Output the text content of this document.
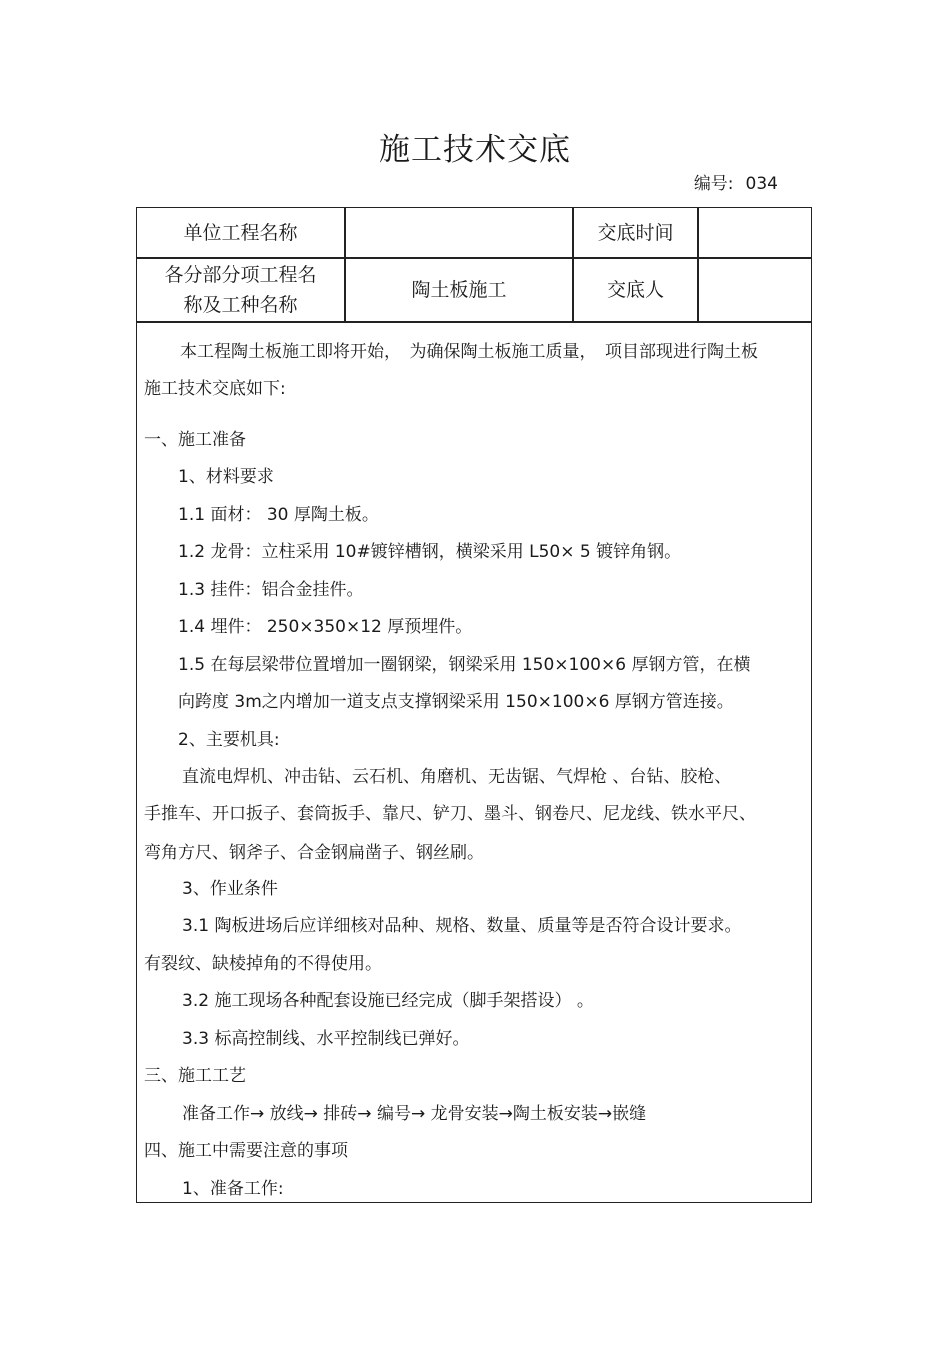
施工技术交底
编号: 034
单位工程名称	交底时间
各分部分项工程名
称及工种名称
陶土板施工	交底人
本工程陶土板施工即将开始，　为确保陶土板施工质量，　项目部现进行陶土板
施工技术交底如下:
一、施工准备
1、材料要求
1.1 面材： 30 厚陶土板。
1.2 龙骨：立柱采用 10#镀锌槽钢，横梁采用 L50× 5 镀锌角钢。
1.3 挂件：铝合金挂件。
1.4 埋件： 250×350×12 厚预埋件。
1.5 在每层梁带位置增加一圈钢梁，钢梁采用 150×100×6 厚钢方管，在横
向跨度 3m之内增加一道支点支撑钢梁采用 150×100×6 厚钢方管连接。
2、主要机具:
直流电焊机、冲击钻、云石机、角磨机、无齿锯、气焊枪 、台钻、胶枪、
手推车、开口扳子、套筒扳手、靠尺、铲刀、墨斗、钢卷尺、尼龙线、铁水平尺、
弯角方尺、钢斧子、合金钢扁凿子、钢丝刷。
3、作业条件
3.1 陶板进场后应详细核对品种、规格、数量、质量等是否符合设计要求。
有裂纹、缺棱掉角的不得使用。
3.2 施工现场各种配套设施已经完成（脚手架搭设） 。
3.3 标高控制线、水平控制线已弹好。
三、施工工艺
准备工作→ 放线→ 排砖→ 编号→ 龙骨安装→陶土板安装→嵌缝
四、施工中需要注意的事项
1、准备工作:
